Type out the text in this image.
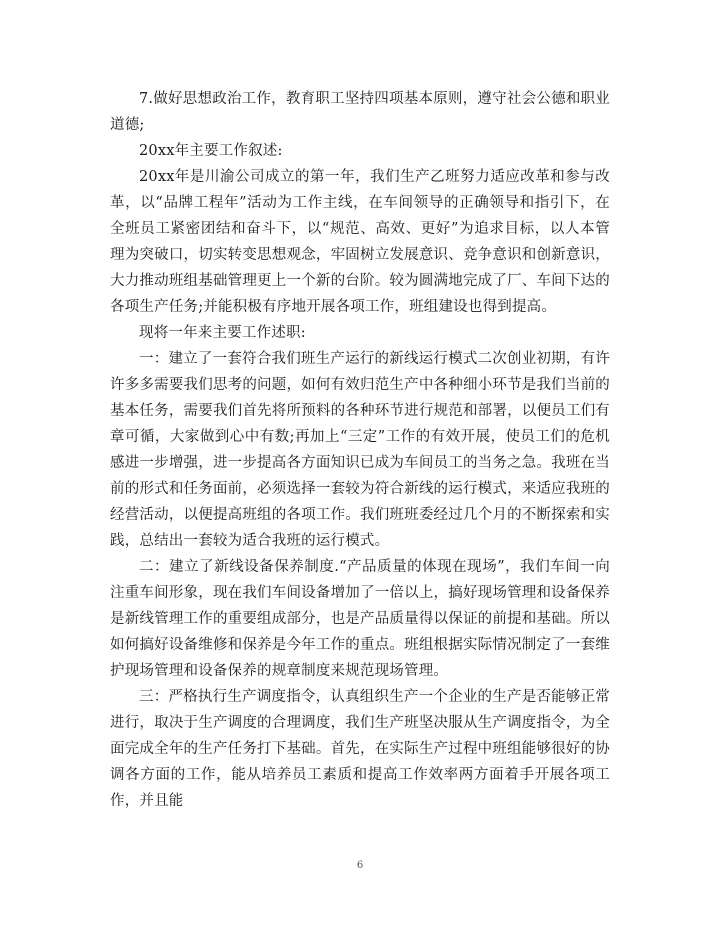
7.做好思想政治工作，教育职工坚持四项基本原则，遵守社会公德和职业道德;

20xx年主要工作叙述:

20xx年是川渝公司成立的第一年，我们生产乙班努力适应改革和参与改革，以“品牌工程年”活动为工作主线，在车间领导的正确领导和指引下，在全班员工紧密团结和奋斗下，以“规范、高效、更好”为追求目标，以人本管理为突破口，切实转变思想观念，牢固树立发展意识、竞争意识和创新意识，大力推动班组基础管理更上一个新的台阶。较为圆满地完成了厂、车间下达的各项生产任务;并能积极有序地开展各项工作，班组建设也得到提高。

现将一年来主要工作述职:

一：建立了一套符合我们班生产运行的新线运行模式二次创业初期，有许许多多需要我们思考的问题，如何有效归范生产中各种细小环节是我们当前的基本任务，需要我们首先将所预料的各种环节进行规范和部署，以便员工们有章可循，大家做到心中有数;再加上“三定”工作的有效开展，使员工们的危机感进一步增强，进一步提高各方面知识已成为车间员工的当务之急。我班在当前的形式和任务面前，必须选择一套较为符合新线的运行模式，来适应我班的经营活动，以便提高班组的各项工作。我们班班委经过几个月的不断探索和实践，总结出一套较为适合我班的运行模式。

二：建立了新线设备保养制度.“产品质量的体现在现场”，我们车间一向注重车间形象，现在我们车间设备增加了一倍以上，搞好现场管理和设备保养是新线管理工作的重要组成部分，也是产品质量得以保证的前提和基础。所以如何搞好设备维修和保养是今年工作的重点。班组根据实际情况制定了一套维护现场管理和设备保养的规章制度来规范现场管理。

三：严格执行生产调度指令，认真组织生产一个企业的生产是否能够正常进行，取决于生产调度的合理调度，我们生产班坚决服从生产调度指令，为全面完成全年的生产任务打下基础。首先，在实际生产过程中班组能够很好的协调各方面的工作，能从培养员工素质和提高工作效率两方面着手开展各项工作，并且能

6
